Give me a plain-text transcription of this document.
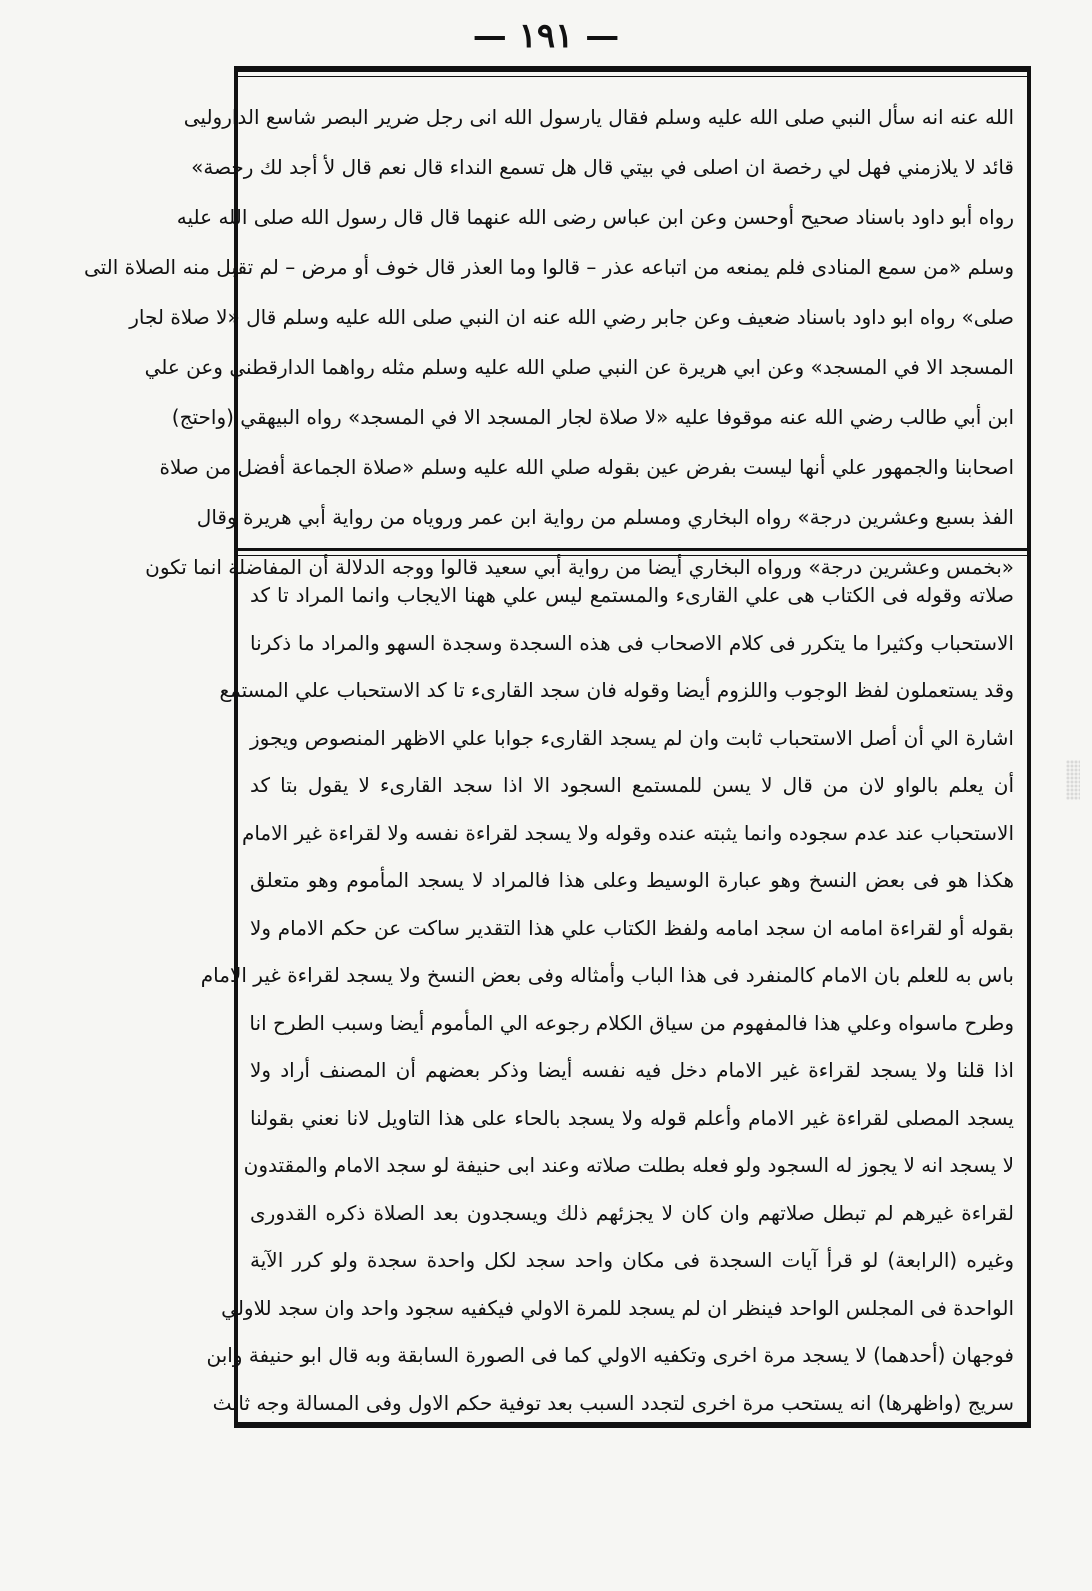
— ١٩١ —
الله عنه انه سأل النبي صلى الله عليه وسلم فقال يارسول الله انى رجل ضرير البصر شاسع الداروليى
قائد لا يلازمني فهل لي رخصة ان اصلى في بيتي قال هل تسمع النداء قال نعم قال لأ أجد لك رخصة»
رواه أبو داود باسناد صحيح أوحسن وعن ابن عباس رضى الله عنهما قال قال رسول الله صلى الله عليه
وسلم «من سمع المنادى فلم يمنعه من اتباعه عذر – قالوا وما العذر قال خوف أو مرض – لم تقبل منه الصلاة التى
صلى» رواه ابو داود باسناد ضعيف وعن جابر رضي الله عنه ان النبي صلى الله عليه وسلم قال «لا صلاة لجار
المسجد الا في المسجد» وعن ابي هريرة عن النبي صلي الله عليه وسلم مثله رواهما الدارقطني وعن علي
ابن أبي طالب رضي الله عنه موقوفا عليه «لا صلاة لجار المسجد الا في المسجد» رواه البيهقي (واحتج)
اصحابنا والجمهور علي أنها ليست بفرض عين بقوله صلي الله عليه وسلم «صلاة الجماعة أفضل من صلاة
الفذ بسبع وعشرين درجة» رواه البخاري ومسلم من رواية ابن عمر وروياه من رواية أبي هريرة وقال
«بخمس وعشرين درجة» ورواه البخاري أيضا من رواية أبي سعيد قالوا ووجه الدلالة أن المفاضلة انما تكون
صلاته وقوله فى الكتاب هى علي القارىء والمستمع ليس علي ههنا الايجاب وانما المراد تا كد
الاستحباب وكثيرا ما يتكرر فى كلام الاصحاب فى هذه السجدة وسجدة السهو والمراد ما ذكرنا
وقد يستعملون لفظ الوجوب واللزوم أيضا وقوله فان سجد القارىء تا كد الاستحباب علي المستمع
اشارة الي أن أصل الاستحباب ثابت وان لم يسجد القارىء جوابا علي الاظهر المنصوص ويجوز
أن يعلم بالواو لان من قال لا يسن للمستمع السجود الا اذا سجد القارىء لا يقول بتا كد
الاستحباب عند عدم سجوده وانما يثبته عنده وقوله ولا يسجد لقراءة نفسه ولا لقراءة غير الامام
هكذا هو فى بعض النسخ وهو عبارة الوسيط وعلى هذا فالمراد لا يسجد المأموم وهو متعلق
بقوله أو لقراءة امامه ان سجد امامه ولفظ الكتاب علي هذا التقدير ساكت عن حكم الامام ولا
باس به للعلم بان الامام كالمنفرد فى هذا الباب وأمثاله وفى بعض النسخ ولا يسجد لقراءة غير الامام
وطرح ماسواه وعلي هذا فالمفهوم من سياق الكلام رجوعه الي المأموم أيضا وسبب الطرح انا
اذا قلنا ولا يسجد لقراءة غير الامام دخل فيه نفسه أيضا وذكر بعضهم أن المصنف أراد ولا
يسجد المصلى لقراءة غير الامام وأعلم قوله ولا يسجد بالحاء على هذا التاويل لانا نعني بقولنا
لا يسجد انه لا يجوز له السجود ولو فعله بطلت صلاته وعند ابى حنيفة لو سجد الامام والمقتدون
لقراءة غيرهم لم تبطل صلاتهم وان كان لا يجزئهم ذلك ويسجدون بعد الصلاة ذكره القدورى
وغيره (الرابعة) لو قرأ آيات السجدة فى مكان واحد سجد لكل واحدة سجدة ولو كرر الآية
الواحدة فى المجلس الواحد فينظر ان لم يسجد للمرة الاولي فيكفيه سجود واحد وان سجد للاولي
فوجهان (أحدهما) لا يسجد مرة اخرى وتكفيه الاولي كما فى الصورة السابقة وبه قال ابو حنيفة وابن
سريج (واظهرها) انه يستحب مرة اخرى لتجدد السبب بعد توفية حكم الاول وفى المسالة وجه ثالث
